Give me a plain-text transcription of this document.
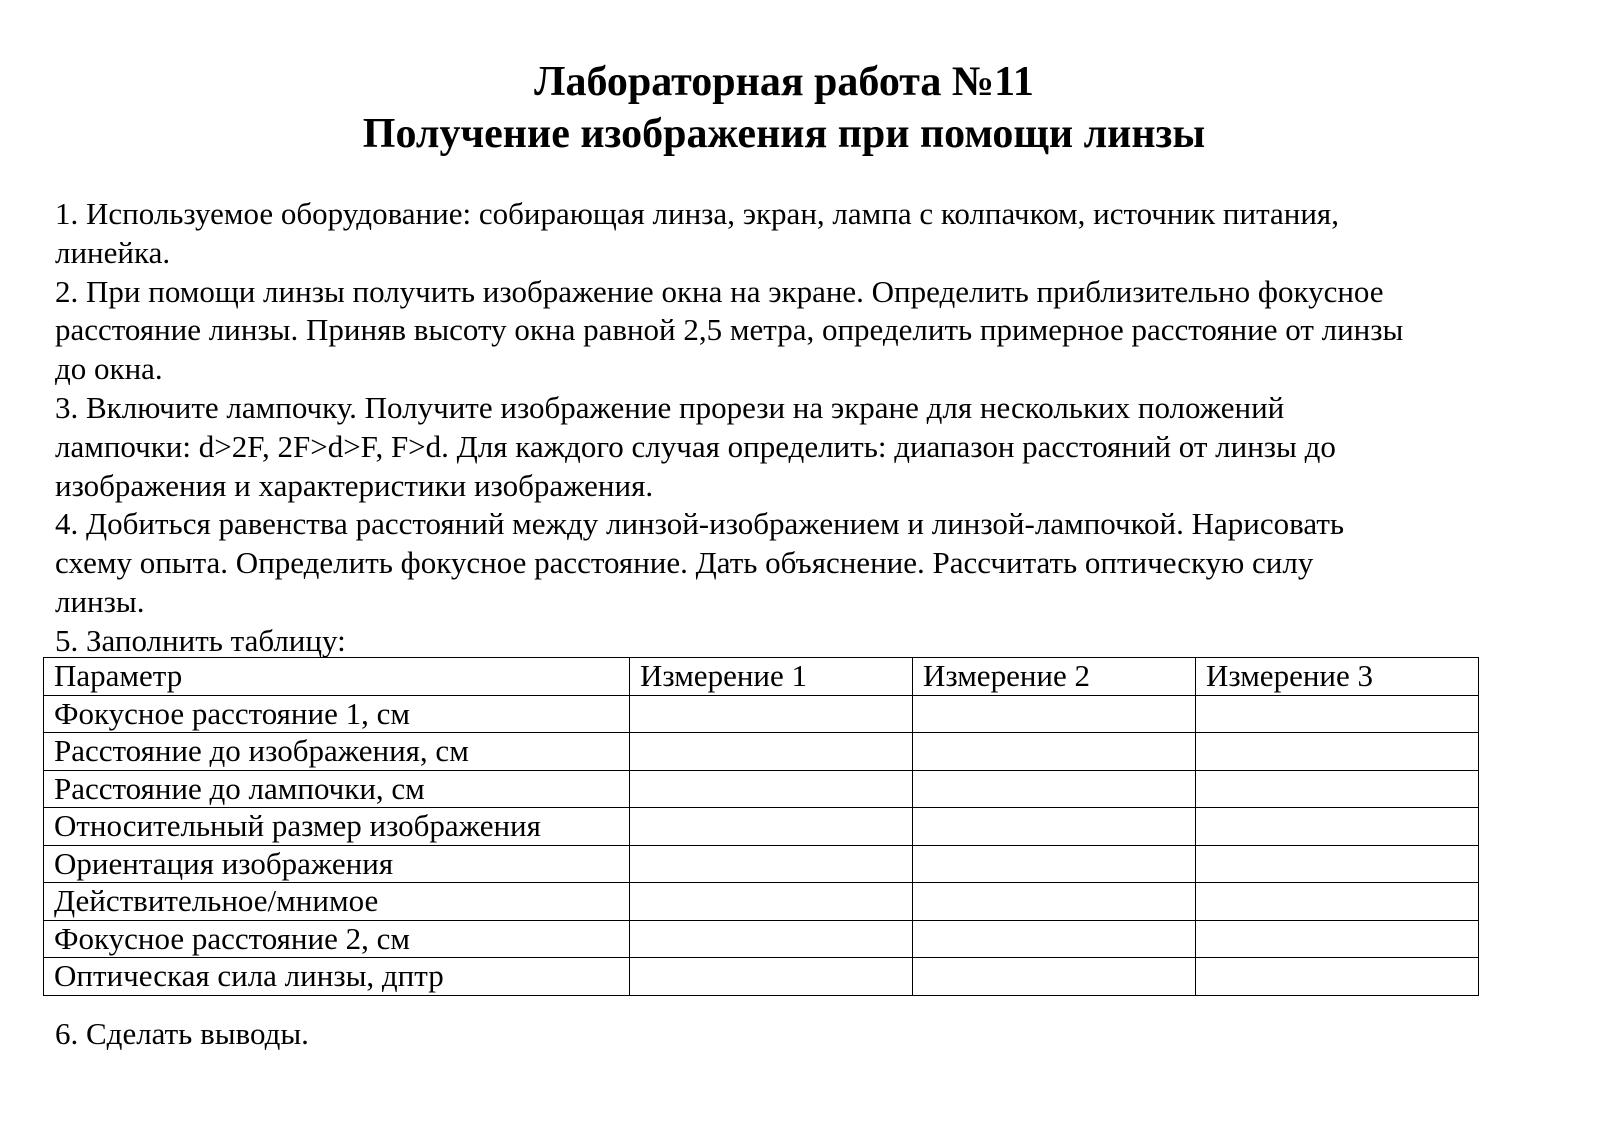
Лабораторная работа №11
Получение изображения при помощи линзы
1. Используемое оборудование: собирающая линза, экран, лампа с колпачком, источник питания,
линейка.
2. При помощи линзы получить изображение окна на экране. Определить приблизительно фокусное
расстояние линзы. Приняв высоту окна равной 2,5 метра, определить примерное расстояние от линзы
до окна.
3. Включите лампочку. Получите изображение прорези на экране для нескольких положений
лампочки: d>2F, 2F>d>F, F>d. Для каждого случая определить: диапазон расстояний от линзы до
изображения и характеристики изображения.
4. Добиться равенства расстояний между линзой-изображением и линзой-лампочкой. Нарисовать
схему опыта. Определить фокусное расстояние. Дать объяснение. Рассчитать оптическую силу
линзы.
5. Заполнить таблицу:
Параметр	Измерение 1	Измерение 2	Измерение 3
Фокусное расстояние 1, см			
Расстояние до изображения, см			
Расстояние до лампочки, см			
Относительный размер изображения			
Ориентация изображения			
Действительное/мнимое			
Фокусное расстояние 2, см			
Оптическая сила линзы, дптр			
6. Сделать выводы.
